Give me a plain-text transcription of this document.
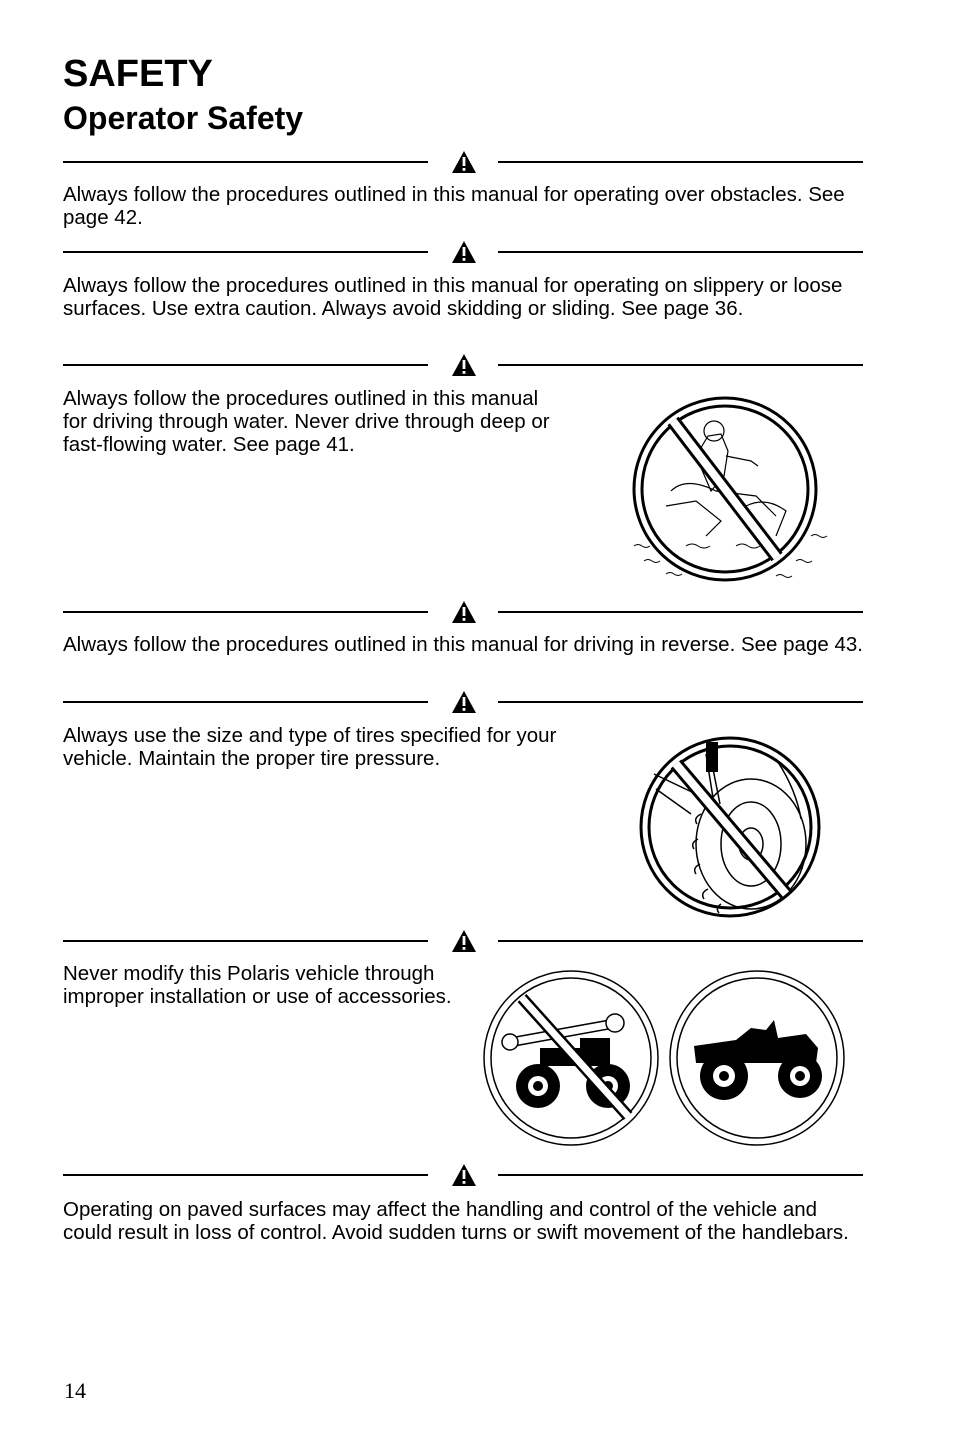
SAFETY
Operator Safety

Always follow the procedures outlined in this manual for operating over obstacles. See page 42.

Always follow the procedures outlined in this manual for operating on slippery or loose surfaces. Use extra caution. Always avoid skidding or sliding. See page 36.

Always follow the procedures outlined in this manual for driving through water. Never drive through deep or fast-flowing water. See page 41.

Always follow the procedures outlined in this manual for driving in reverse. See page 43.

Always use the size and type of tires specified for your vehicle. Maintain the proper tire pressure.

Never modify this Polaris vehicle through improper installation or use of accessories.

Operating on paved surfaces may affect the handling and control of the vehicle and could result in loss of control. Avoid sudden turns or swift movement of the handlebars.

14
